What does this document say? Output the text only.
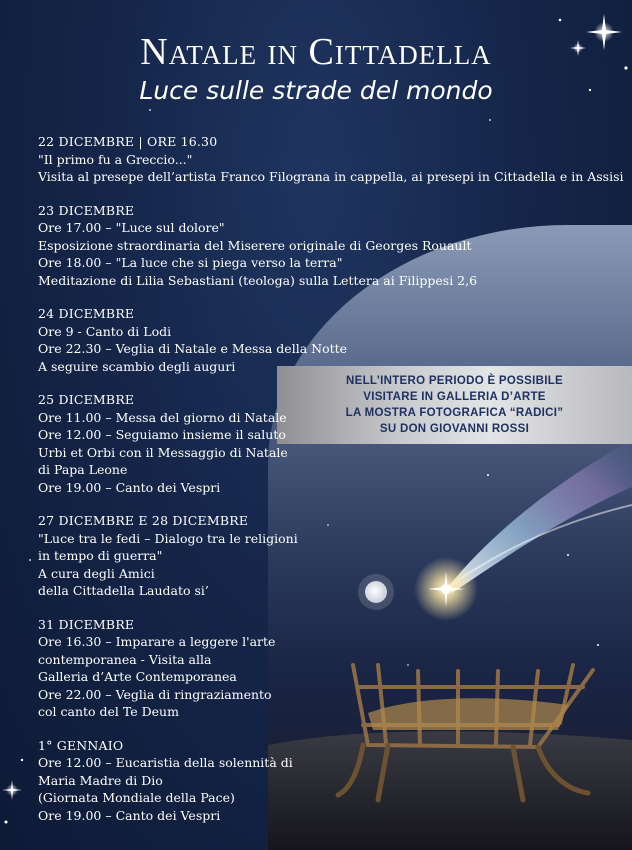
Natale in Cittadella
Luce sulle strade del mondo
NELL’INTERO PERIODO È POSSIBILE
VISITARE IN GALLERIA D’ARTE
LA MOSTRA FOTOGRAFICA “RADICI”
SU DON GIOVANNI ROSSI
22 DICEMBRE | ORE 16.30
"Il primo fu a Greccio..."
Visita al presepe dell’artista Franco Filograna in cappella, ai presepi in Cittadella e in Assisi
23 DICEMBRE
Ore 17.00 – "Luce sul dolore"
Esposizione straordinaria del Miserere originale di Georges Rouault
Ore 18.00 – "La luce che si piega verso la terra"
Meditazione di Lilia Sebastiani (teologa) sulla Lettera ai Filippesi 2,6
24 DICEMBRE
Ore 9 - Canto di Lodi
Ore 22.30 – Veglia di Natale e Messa della Notte
A seguire scambio degli auguri
25 DICEMBRE
Ore 11.00 – Messa del giorno di Natale
Ore 12.00 – Seguiamo insieme il saluto
Urbi et Orbi con il Messaggio di Natale
di Papa Leone
Ore 19.00 – Canto dei Vespri
27 DICEMBRE E 28 DICEMBRE
"Luce tra le fedi – Dialogo tra le religioni
in tempo di guerra"
A cura degli Amici
della Cittadella Laudato si’
31 DICEMBRE
Ore 16.30 – Imparare a leggere l'arte
contemporanea - Visita alla
Galleria d’Arte Contemporanea
Ore 22.00 – Veglia di ringraziamento
col canto del Te Deum
1° GENNAIO
Ore 12.00 – Eucaristia della solennità di
Maria Madre di Dio
(Giornata Mondiale della Pace)
Ore 19.00 – Canto dei Vespri
